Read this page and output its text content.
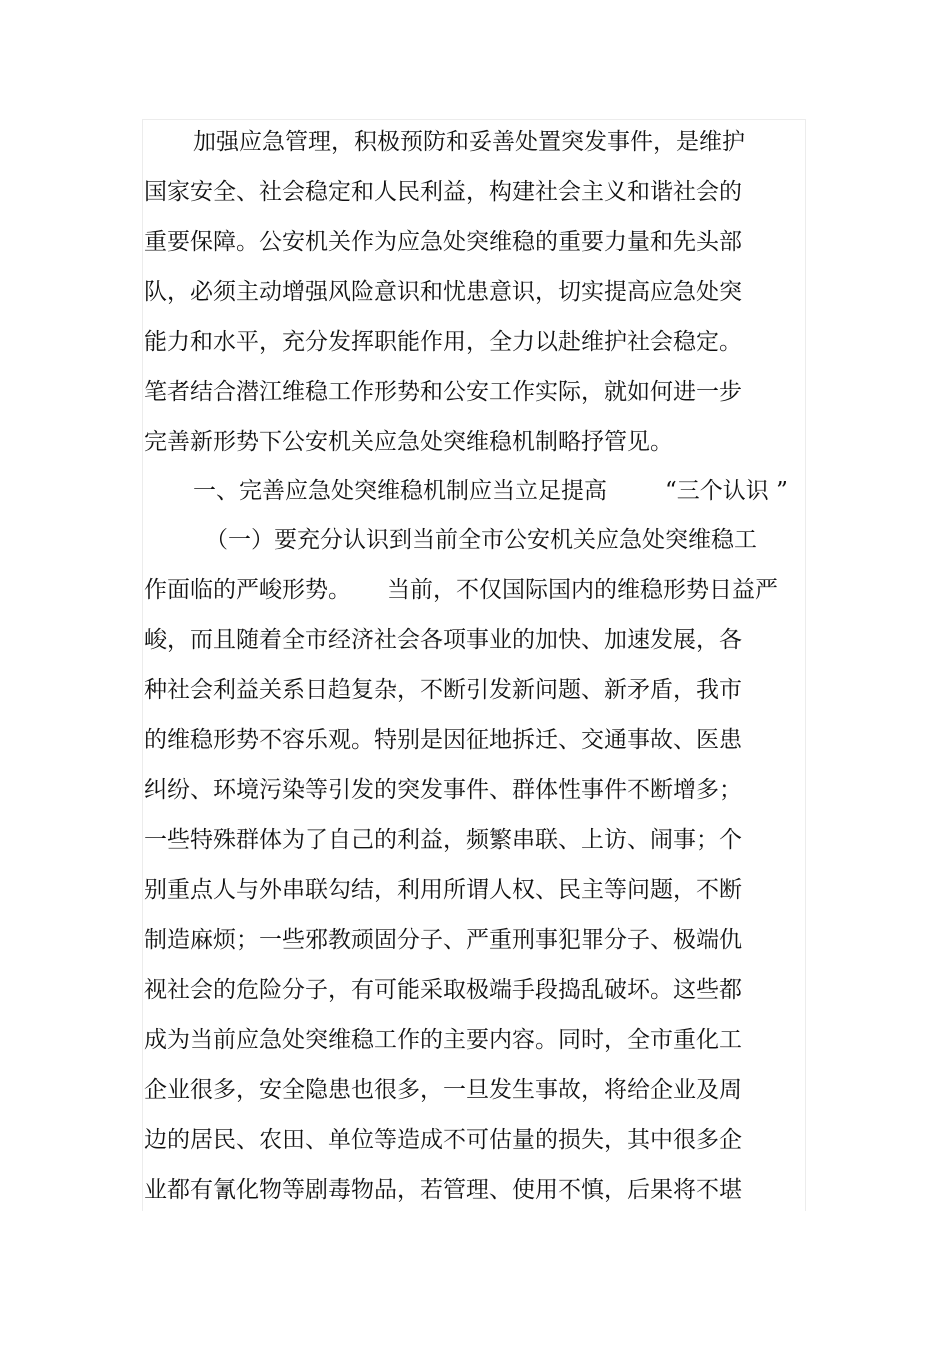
加强应急管理，积极预防和妥善处置突发事件，是维护
国家安全、社会稳定和人民利益，构建社会主义和谐社会的
重要保障。公安机关作为应急处突维稳的重要力量和先头部
队，必须主动增强风险意识和忧患意识，切实提高应急处突
能力和水平，充分发挥职能作用，全力以赴维护社会稳定。
笔者结合潜江维稳工作形势和公安工作实际，就如何进一步
完善新形势下公安机关应急处突维稳机制略抒管见。
一、完善应急处突维稳机制应当立足提高	“三个认识 ”
（一）要充分认识到当前全市公安机关应急处突维稳工
作面临的严峻形势。 当前，不仅国际国内的维稳形势日益严
峻，而且随着全市经济社会各项事业的加快、加速发展，各
种社会利益关系日趋复杂，不断引发新问题、新矛盾，我市
的维稳形势不容乐观。特别是因征地拆迁、交通事故、医患
纠纷、环境污染等引发的突发事件、群体性事件不断增多；
一些特殊群体为了自己的利益，频繁串联、上访、闹事；个
别重点人与外串联勾结，利用所谓人权、民主等问题，不断
制造麻烦；一些邪教顽固分子、严重刑事犯罪分子、极端仇
视社会的危险分子，有可能采取极端手段捣乱破坏。这些都
成为当前应急处突维稳工作的主要内容。同时，全市重化工
企业很多，安全隐患也很多，一旦发生事故，将给企业及周
边的居民、农田、单位等造成不可估量的损失，其中很多企
业都有氰化物等剧毒物品，若管理、使用不慎，后果将不堪
